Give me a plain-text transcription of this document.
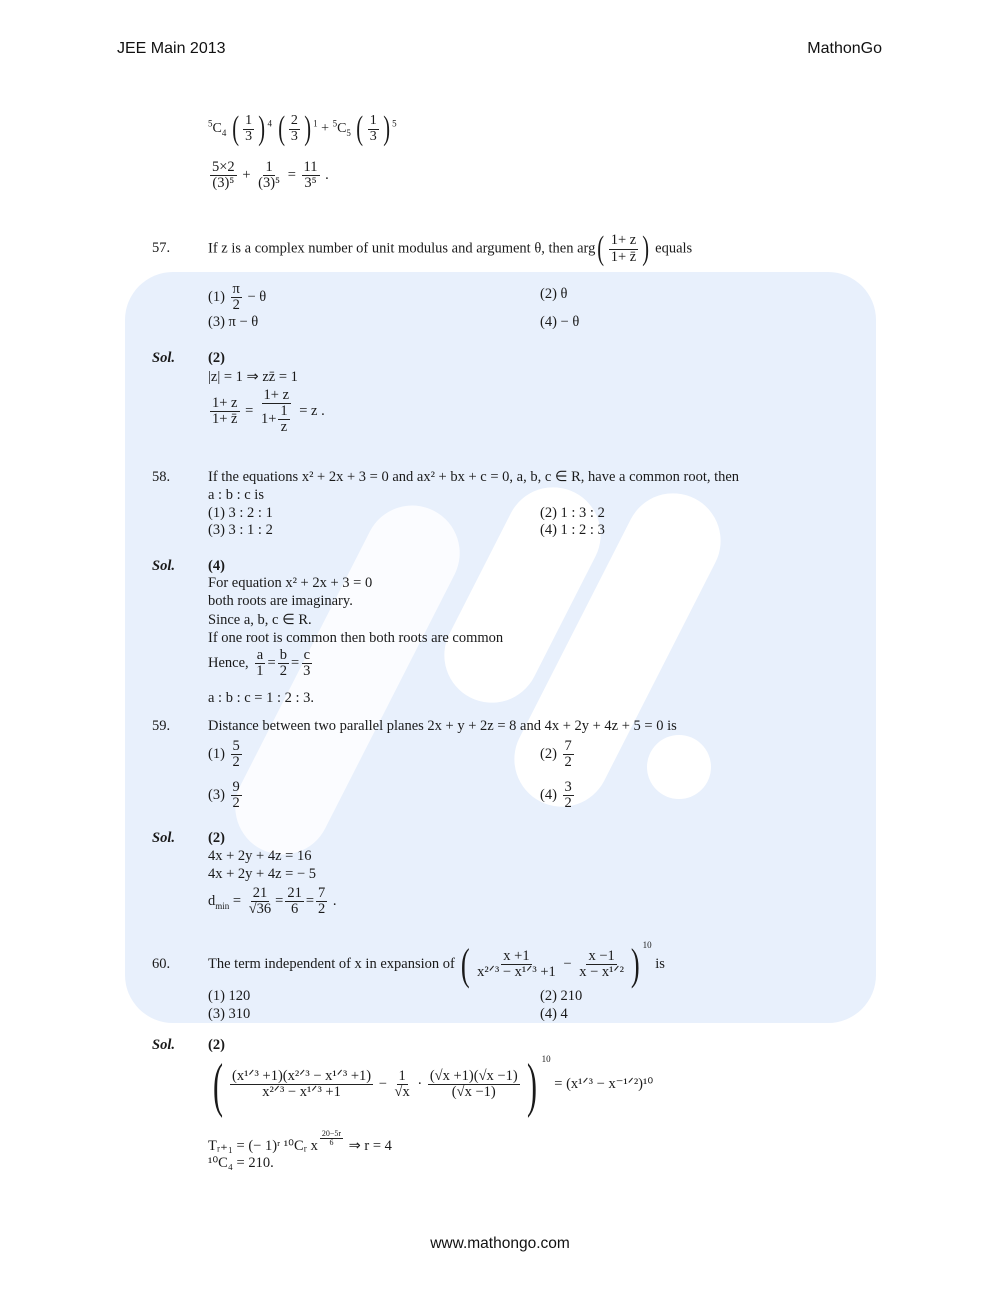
JEE Main 2013	MathonGo
$^5C_4$ ( $\frac{1}{3}$ ) $^4$ ( $\frac{2}{3}$ ) $^1 + ^5C_5$ ( $\frac{1}{3}$ ) $^5$
$\frac{5\times 2}{\text{(3)⁵}} + \frac{1}{\text{(3)⁵}} = \frac{11}{\text{3⁵}}$ .
57.	If z is a complex number of unit modulus and argument θ, then $arg( \frac{1+ z}{1+ z̄}$ ) equals
$(1) \frac{\pi}{2} - \theta$	(2) θ
(3) π − θ	(4) − θ
Sol. (2)
|z| = 1 ⇒ zz̄ = 1
$\frac{1+ z}{1+ z̄} = \frac{1+ z}{1+ \frac{1}{z}} = z$ .
58.	If the equations x² + 2x + 3 = 0 and ax² + bx + c = 0, a, b, c ∈ R, have a common root, then
a : b : c is
(1) 3 : 2 : 1	(2) 1 : 3 : 2
(3) 3 : 1 : 2	(4) 1 : 2 : 3
Sol. (4)
For equation x² + 2x + 3 = 0
both roots are imaginary.
Since a, b, c ∈ R.
If one root is common then both roots are common
Hence, $\frac{a}{1} = \frac{b}{2} = \frac{c}{3}$
a : b : c = 1 : 2 : 3.
59.	Distance between two parallel planes 2x + y + 2z = 8 and 4x + 2y + 4z + 5 = 0 is
$(1) \frac{5}{2}$	$(2) \frac{7}{2}$
$(3) \frac{9}{2}$	$(4) \frac{3}{2}$
Sol. (2)
4x + 2y + 4z = 16
4x + 2y + 4z = − 5
$d_{min} = \frac{21}{√36} = \frac{21}{6} = \frac{7}{2}$ .
60.	The term independent of x in expansion of ( $\frac{x +1}{\text{x²ᐟ³ − x¹ᐟ³ +1}} - \frac{x -1}{\text{x − x¹ᐟ²}}$ ) $^{10}$ is
(1) 120	(2) 210
(3) 310	(4) 4
Sol. (2)
( $\frac{\text{(x¹ᐟ³ +1)(x²ᐟ³ − x¹ᐟ³ +1)}}{\text{x²ᐟ³ − x¹ᐟ³ +1}} - \frac{1}{√x} \cdot \frac{(√x +1)(√x -1)}{(√x -1)}$ ) $^{10}$ = (x¹ᐟ³ − x⁻¹ᐟ²)¹⁰
Tᵣ₊₁ = (− 1)ʳ ¹⁰Cᵣ x $\frac{20-5r}{6}$ ⇒ r = 4
¹⁰C₄ = 210.
www.mathongo.com
